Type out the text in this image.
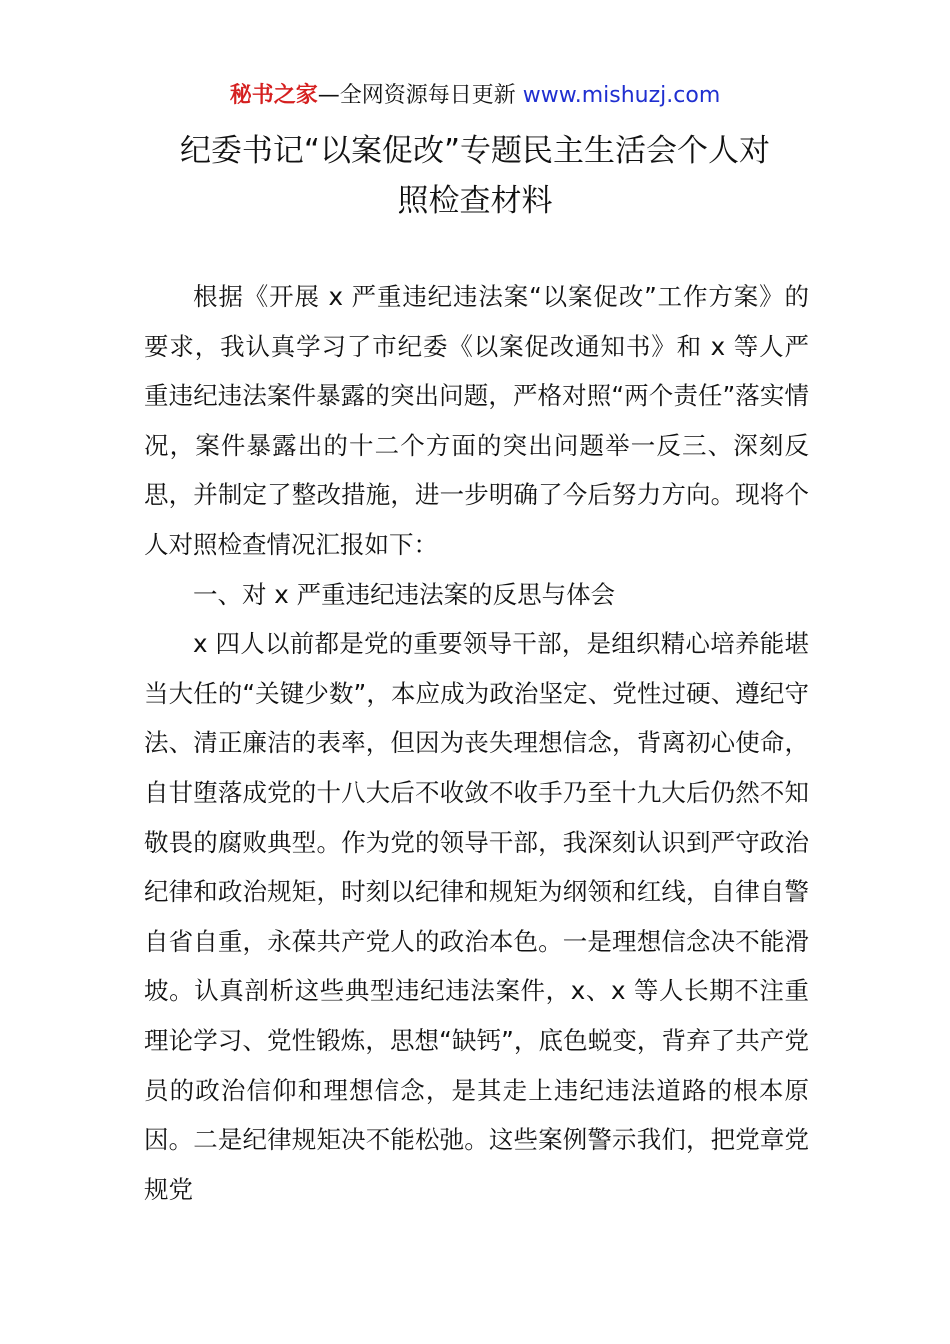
秘书之家—全网资源每日更新 www.mishuzj.com
纪委书记“以案促改”专题民主生活会个人对
照检查材料

根据《开展 x 严重违纪违法案“以案促改”工作方案》的要求，我认真学习了市纪委《以案促改通知书》和 x 等人严重违纪违法案件暴露的突出问题，严格对照“两个责任”落实情况，案件暴露出的十二个方面的突出问题举一反三、深刻反思，并制定了整改措施，进一步明确了今后努力方向。现将个人对照检查情况汇报如下：

一、对 x 严重违纪违法案的反思与体会

x 四人以前都是党的重要领导干部，是组织精心培养能堪当大任的“关键少数”，本应成为政治坚定、党性过硬、遵纪守法、清正廉洁的表率，但因为丧失理想信念，背离初心使命，自甘堕落成党的十八大后不收敛不收手乃至十九大后仍然不知敬畏的腐败典型。作为党的领导干部，我深刻认识到严守政治纪律和政治规矩，时刻以纪律和规矩为纲领和红线，自律自警自省自重，永葆共产党人的政治本色。一是理想信念决不能滑坡。认真剖析这些典型违纪违法案件，x、x 等人长期不注重理论学习、党性锻炼，思想“缺钙”，底色蜕变，背弃了共产党员的政治信仰和理想信念，是其走上违纪违法道路的根本原因。二是纪律规矩决不能松弛。这些案例警示我们，把党章党规党
